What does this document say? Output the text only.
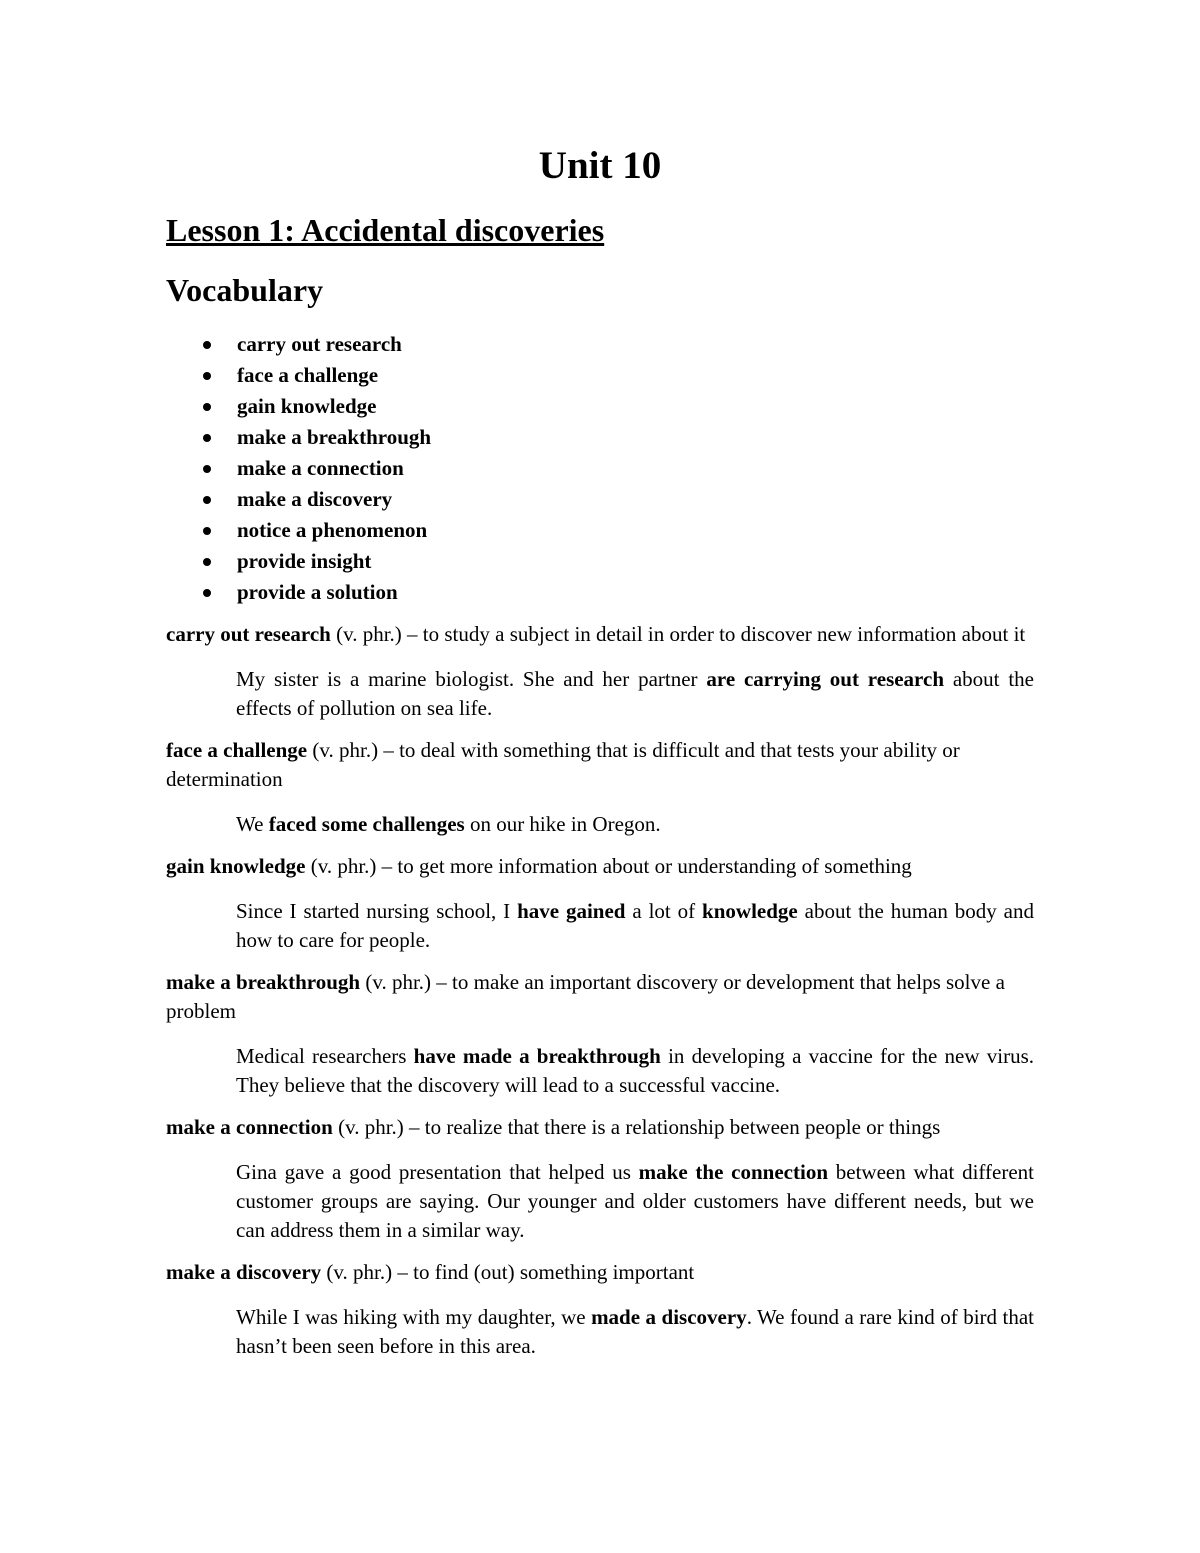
Unit 10
Lesson 1: Accidental discoveries
Vocabulary
carry out research
face a challenge
gain knowledge
make a breakthrough
make a connection
make a discovery
notice a phenomenon
provide insight
provide a solution

carry out research (v. phr.) – to study a subject in detail in order to discover new information about it

My sister is a marine biologist. She and her partner are carrying out research about the effects of pollution on sea life.

face a challenge (v. phr.) – to deal with something that is difficult and that tests your ability or determination

We faced some challenges on our hike in Oregon.

gain knowledge (v. phr.) – to get more information about or understanding of something

Since I started nursing school, I have gained a lot of knowledge about the human body and how to care for people.

make a breakthrough (v. phr.) – to make an important discovery or development that helps solve a problem

Medical researchers have made a breakthrough in developing a vaccine for the new virus. They believe that the discovery will lead to a successful vaccine.

make a connection (v. phr.) – to realize that there is a relationship between people or things

Gina gave a good presentation that helped us make the connection between what different customer groups are saying. Our younger and older customers have different needs, but we can address them in a similar way.

make a discovery (v. phr.) – to find (out) something important

While I was hiking with my daughter, we made a discovery. We found a rare kind of bird that hasn’t been seen before in this area.
